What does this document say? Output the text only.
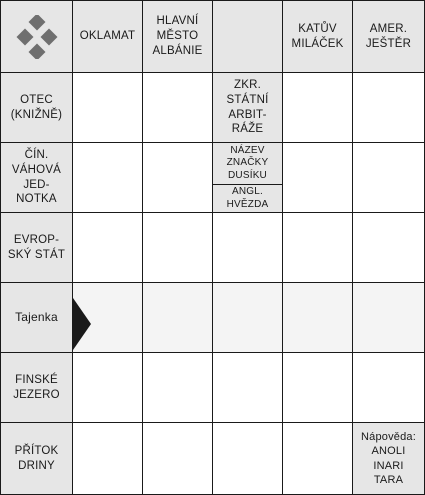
OKLAMAT
HLAVNÍ
MĚSTO
ALBÁNIE
KATŮV
MILÁČEK
AMER.
JEŠTĚR
OTEC
(KNIŽNĚ)
ZKR.
STÁTNÍ
ARBIT-
RÁŽE
ČÍN.
VÁHOVÁ
JED-
NOTKA
NÁZEV
ZNAČKY
DUSÍKU
ANGL.
HVĚZDA
EVROP-
SKÝ STÁT
Tajenka
FINSKÉ
JEZERO
PŘÍTOK
DRINY
Nápověda:
ANOLI
INARI
TARA
